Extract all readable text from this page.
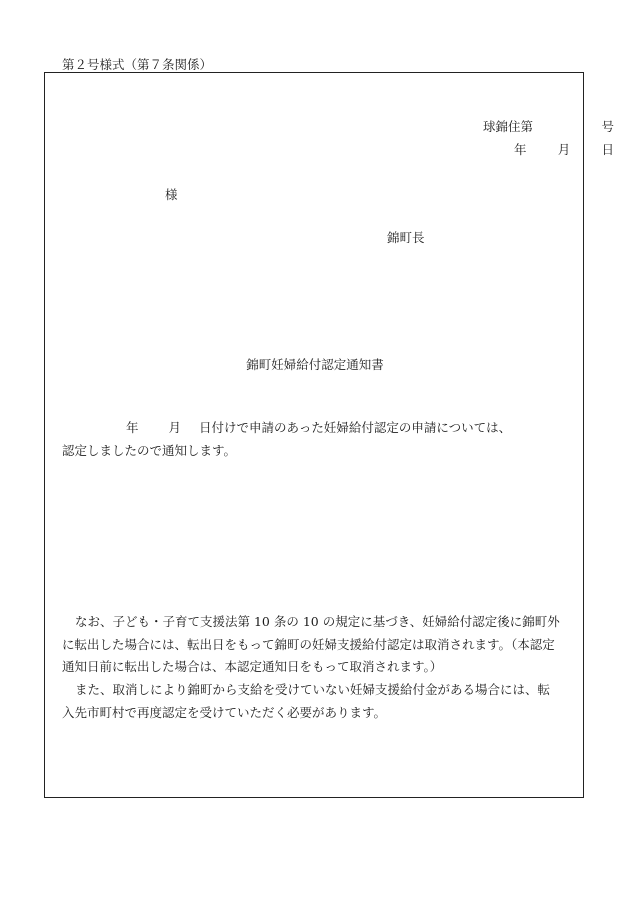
第２号様式（第７条関係）
球錦住第	号
年 月 日
様
錦町長
錦町妊婦給付認定通知書
年 月 日付けで申請のあった妊婦給付認定の申請については、
認定しましたので通知します。

なお、子ども・子育て支援法第 10 条の 10 の規定に基づき、妊婦給付認定後に錦町外

に転出した場合には、転出日をもって錦町の妊婦支援給付認定は取消されます。（本認定

通知日前に転出した場合は、本認定通知日をもって取消されます。）

また、取消しにより錦町から支給を受けていない妊婦支援給付金がある場合には、転

入先市町村で再度認定を受けていただく必要があります。
